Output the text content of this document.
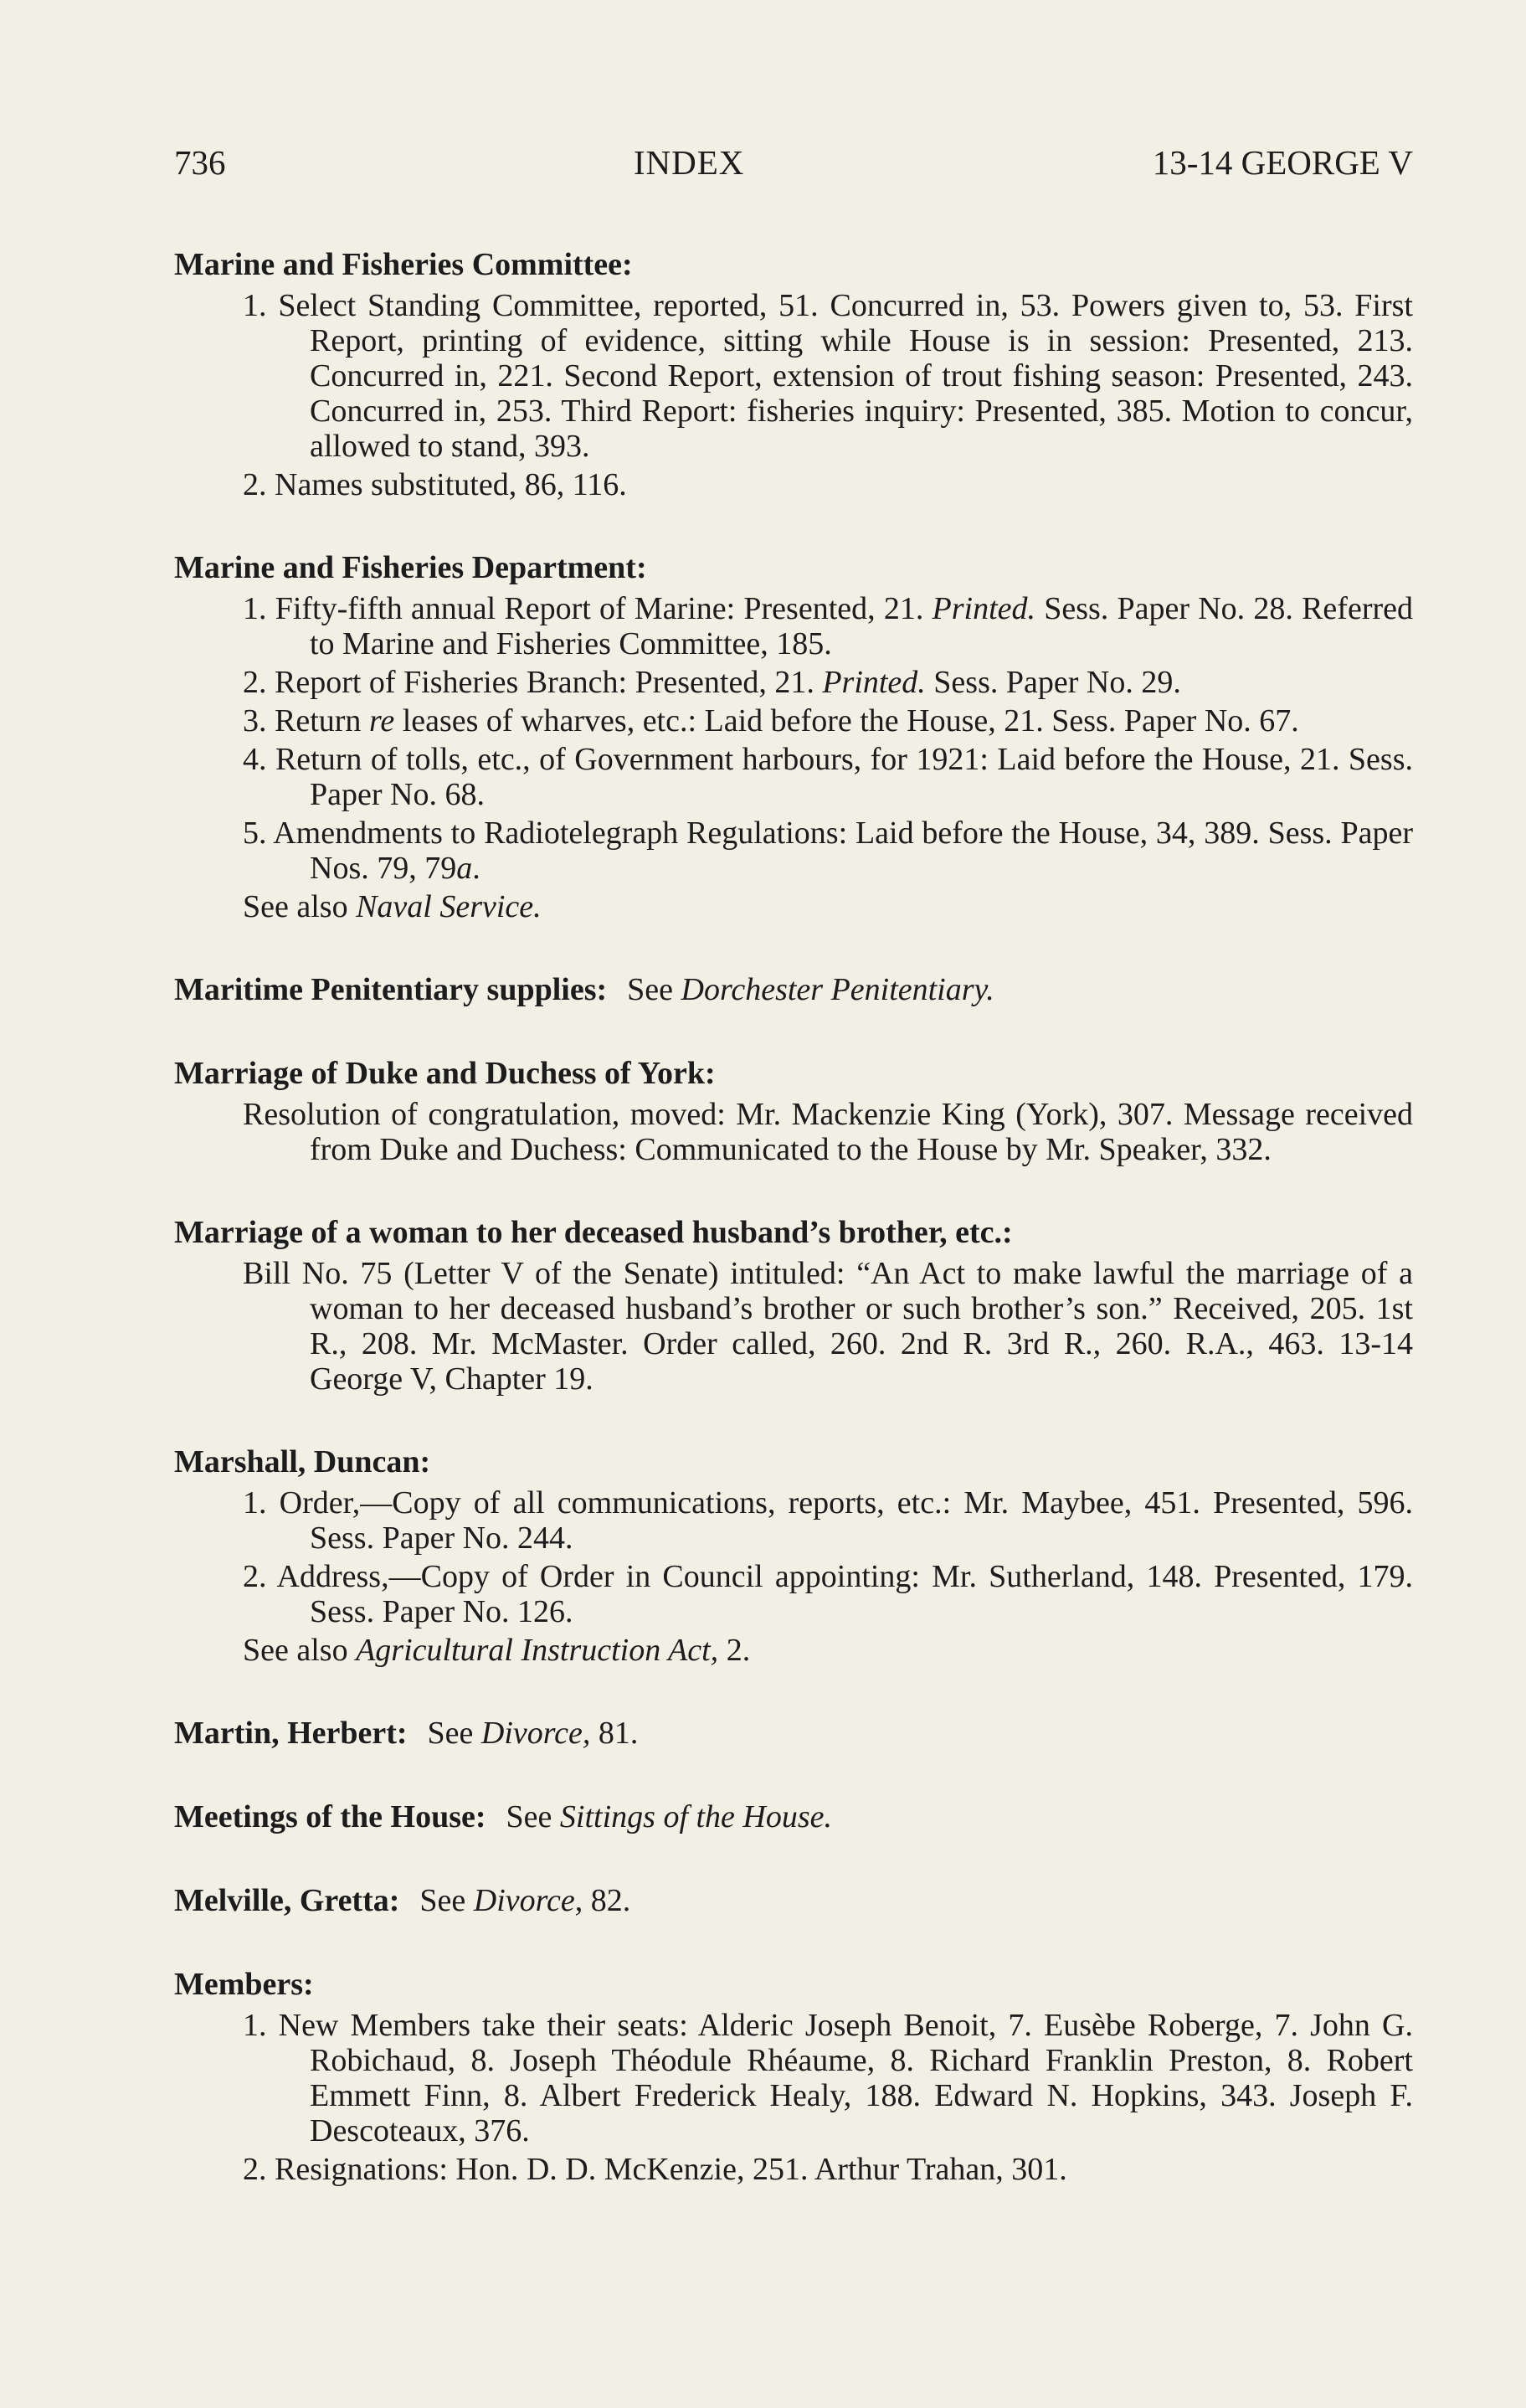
736	INDEX	13-14 GEORGE V
Marine and Fisheries Committee:
1. Select Standing Committee, reported, 51. Concurred in, 53. Powers given to, 53. First Report, printing of evidence, sitting while House is in session: Presented, 213. Concurred in, 221. Second Report, extension of trout fishing season: Presented, 243. Concurred in, 253. Third Report: fisheries inquiry: Presented, 385. Motion to concur, allowed to stand, 393.
2. Names substituted, 86, 116.
Marine and Fisheries Department:
1. Fifty-fifth annual Report of Marine: Presented, 21. Printed. Sess. Paper No. 28. Referred to Marine and Fisheries Committee, 185.
2. Report of Fisheries Branch: Presented, 21. Printed. Sess. Paper No. 29.
3. Return re leases of wharves, etc.: Laid before the House, 21. Sess. Paper No. 67.
4. Return of tolls, etc., of Government harbours, for 1921: Laid before the House, 21. Sess. Paper No. 68.
5. Amendments to Radiotelegraph Regulations: Laid before the House, 34, 389. Sess. Paper Nos. 79, 79a.
See also Naval Service.
Maritime Penitentiary supplies: See Dorchester Penitentiary.
Marriage of Duke and Duchess of York:
Resolution of congratulation, moved: Mr. Mackenzie King (York), 307. Message received from Duke and Duchess: Communicated to the House by Mr. Speaker, 332.
Marriage of a woman to her deceased husband’s brother, etc.:
Bill No. 75 (Letter V of the Senate) intituled: “An Act to make lawful the marriage of a woman to her deceased husband’s brother or such brother’s son.” Received, 205. 1st R., 208. Mr. McMaster. Order called, 260. 2nd R. 3rd R., 260. R.A., 463. 13-14 George V, Chapter 19.
Marshall, Duncan:
1. Order,—Copy of all communications, reports, etc.: Mr. Maybee, 451. Presented, 596. Sess. Paper No. 244.
2. Address,—Copy of Order in Council appointing: Mr. Sutherland, 148. Presented, 179. Sess. Paper No. 126.
See also Agricultural Instruction Act, 2.
Martin, Herbert: See Divorce, 81.
Meetings of the House: See Sittings of the House.
Melville, Gretta: See Divorce, 82.
Members:
1. New Members take their seats: Alderic Joseph Benoit, 7. Eusèbe Roberge, 7. John G. Robichaud, 8. Joseph Théodule Rhéaume, 8. Richard Franklin Preston, 8. Robert Emmett Finn, 8. Albert Frederick Healy, 188. Edward N. Hopkins, 343. Joseph F. Descoteaux, 376.
2. Resignations: Hon. D. D. McKenzie, 251. Arthur Trahan, 301.
